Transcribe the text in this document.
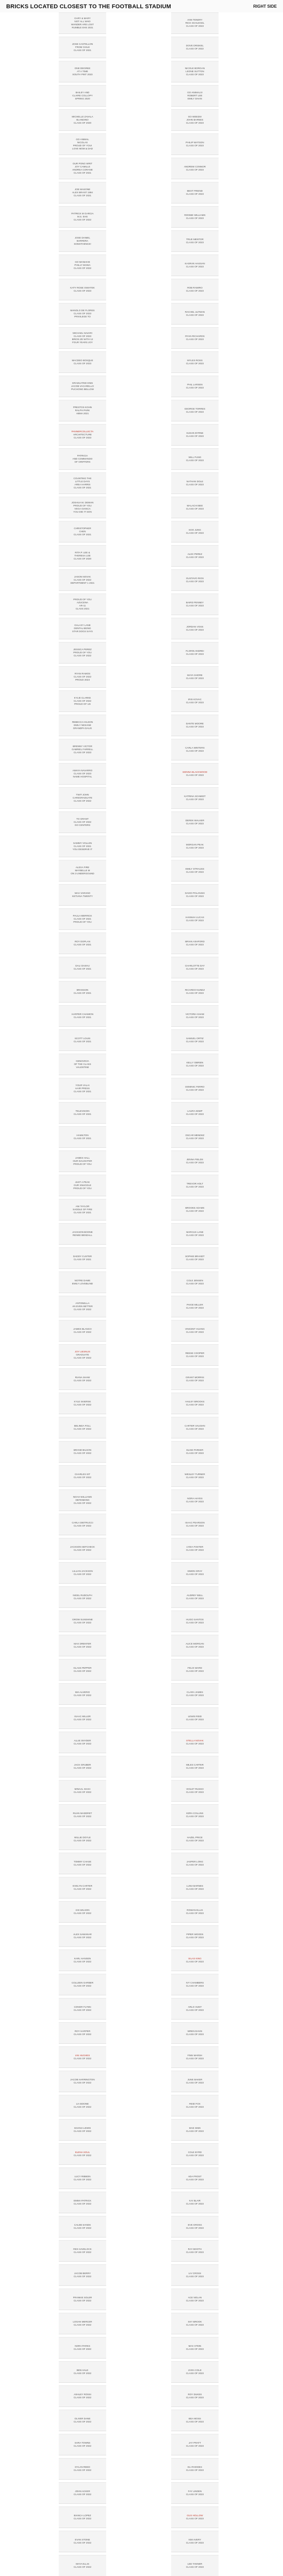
BRICKS LOCATED CLOSEST TO THE FOOTBALL STADIUM	RIGHT SIDE
GARY & MARY
NOT ALL WHO
WANDER ARE LOST
RUMBLE EHS 2021
JOSE CASTELLON
FROM CHILE
CLASS OF 2021
ONE DEGREE
AT A TIME
SOUTH PINT 2023
BAILEY AND
CLAIRE COLLOPY
SPRING 2020
MICHELLE ZAVALA
BLANDINO
CLASS OF 2020
GO ANIMAL
NICOLAS
PROUD OF YOU!
LOVE MOM & DAD
OUR PONG WRIT
JOY CAMILLE
ANDREA CORANE
CLASS OF 2021
JOE MASONE
ALEX BRANT 1994
CLASS OF 2021
PATRICK M GARCIA
M.S. EHS
CLASS OF 2022
JOSE DANIEL
BARRERA
SOMATHENCE!
GO MANIAHE
PHILLY MANIA
CLASS OF 2022
KATY ROSE SWIATEK
CLASS OF 2023
MANOLO DE FLORES
CLASS OF 2023
PRIVILEGE TO
MICHAEL NAVARI
CLASS OF 2023
BRIOS ZE WITH 12
FOUR YEARS JOY
MACDEO BOSQUE
CLASS OF 2023
GRADUATED ENIS
JACOB VACARELLO
PUCHONG BELLOW
PRESTOS KOHN
RALPH PARK
ABMA 2021
PANNERCOLLECTA
ARCHITECTURE
CLASS OF 2023
PATRICIA
AND COMMANDO
OF GRIFFERS
COUNTING THE
LITTLE DAYS
AREA HARRIS
CLASS OF 2021
JOSHUA M. DEWAN
PROUD OF YOU
VEGA GIANCA
YOU DID IT SON
CHRISTOPHER
CHEN
CLASS OF 2021
RITA P. LEE &
THERESA LEE
CLASS OF 2020
JASON NOVAK
CLASS OF 2022
DEPARTMENT 1 2021
PROUD OF YOU
AZUCENA
AR-11
CLASS 2021
GALAXY LANE
DENTAL BEING
STAR DOGS SAYS
JESSICA PEREZ
PROUD OF YOU
CLASS OF 2022
RYAN RAMOS
CLASS OF 2022
PROUD 2023
KYLIE CLARKE
CLASS OF 2022
PROUD OF US
REBECCA HILSON
EMILY NESANE
GRANDPA DAUG
BRENNY VICTOR
GABRIEL FARRELL
CLASS OF 2023
AMAYA NAVARRO
CLASS OF 2023
NAME HOSPITAL
TWIT JOHN
CAREGRADUATE
CLASS OF 2022
TO GRANT
CLASS OF 2022
GO CENTERS
SAMMY VOLLEN
CLASS OF 2021
YOU DESERVE IT
ALEXA FIRE
MAYBELLE M
ON 3 UNDERGOUND
MAX VARANO
KETIANA TWENTY
PAULA MERRICK
CLASS OF 2021
PROUD OF YOU
ROY DOPLAN
CLASS OF 2021
DALI DASHU
CLASS OF 2021
BRANSON
CLASS OF 2021
HARPER CHAIMON
CLASS OF 2021
SCOTT LOUIS
CLASS OF 2021
GENOVEVA
OF THE CLASS
VALENTINE
YOUR VALAI
HAIR PRESS
CLASS OF 2021
TELEVISION
CLASS OF 2021
HAMILTON
CLASS OF 2021
JAMES HALL
OUR DAUGHTER
PROUD OF YOU
JUST A PEAK
OUR SNUGGLE
PROUD OF YOU
ANI TAYLOR
SADDLE OF FIRE
CLASS OF 2021
JACKSON BOONE
RENEE BENDALL
DADDY CUSTER
CLASS OF 2021
NOTRE DAME
EMILY LOVEBLIND
ANTONELLA
AN EVEN BETTER
CLASS OF 2022
JAMES BLANCO
CLASS OF 2022
JOY LIESNUS
GRADUATE
CLASS OF 2022
RIANA SHAW
CLASS OF 2022
KYLE SKIERSK
CLASS OF 2022
BELINDA FOLL
CLASS OF 2022
BRAND BILSON
CLASS OF 2022
CHARLES SIT
CLASS OF 2022
NOAH WILLIAMS
DEFENDING
CLASS OF 2022
CARLA DIETRUCCI
CLASS OF 2022
JACKSON SEFCHECK
CLASS OF 2022
LILLIAN JACKSON
CLASS OF 2022
NIGEL RUDOLPH
CLASS OF 2022
GROW SUNSHINE
CLASS OF 2022
MAX DRENTER
CLASS OF 2022
GLASS PEPPER
CLASS OF 2022
MIA ALVERIO
CLASS OF 2022
ISAAC MILLER
CLASS OF 2022
ALLIE SNYDER
CLASS OF 2022
JACK GRUBER
CLASS OF 2022
MINAAL SHAH
CLASS OF 2022
RUAN MADDRET
CLASS OF 2022
WILLIE DOYLE
CLASS OF 2022
TOMMY CHASE
CLASS OF 2022
EVELYN CARTER
CLASS OF 2022
IAN WILSON
CLASS OF 2022
ALEX SAMANAR
CLASS OF 2022
KARL HANSEN
CLASS OF 2022
COLLEEN GARBER
CLASS OF 2022
CONOR FLYNN
CLASS OF 2022
ROY HARPER
CLASS OF 2022
IAN HUGHES
CLASS OF 2022
JACOB HARRINGTON
CLASS OF 2022
LIA BOONE
CLASS OF 2022
SHANIA LEWIS
CLASS OF 2022
ELENA SOUL
CLASS OF 2022
LUCY RIBBON
CLASS OF 2022
EMMA PATRICK
CLASS OF 2022
CALEB SANDS
CLASS OF 2022
REX HAVELOCK
CLASS OF 2022
JACOB BERRY
CLASS OF 2022
FRANKIE SOLER
CLASS OF 2022
LOGAN MERCER
CLASS OF 2022
NORA PARKS
CLASS OF 2022
BEN HALE
CLASS OF 2022
ASHLEY ROSSI
CLASS OF 2022
OLIVER DANE
CLASS OF 2022
SARA TOWNS
CLASS OF 2022
DYLAN REED
CLASS OF 2022
JOHN ACKER
CLASS OF 2022
BIANCA LOPEZ
CLASS OF 2022
EVAN STONE
CLASS OF 2022
MAYA ELLIS
CLASS OF 2022
ANN TENERY
RICK SCHLEGEL
CLASS OF 2023
DOVE DRISKEL
CLASS OF 2022
NICOLE BORGAN
LEONE SUTTON
CLASS OF 2023
GO ANIMALS!
ROBERT LEE
EMILY DAVIS
GO WEEDS!
JOHN BARNES
CLASS OF 2023
PHILIP WATSON
CLASS OF 2023
ANDREW CONNOR
CLASS OF 2023
BEST FRIEND
CLASS OF 2023
RONNIE WILLIAMS
CLASS OF 2023
TRUE MENTOR
CLASS OF 2023
KASRAN HASSAN
CLASS OF 2023
ROB RAMIRO
CLASS OF 2023
RACHEL ULTMAN
CLASS OF 2023
RYAN RICHARDS
CLASS OF 2023
MYLES ROSS
CLASS OF 2023
PHIL LARSEN
CLASS OF 2023
GEORGE TORRES
CLASS OF 2023
SUSAN BYRNE
CLASS OF 2023
WILL FUNG
CLASS OF 2023
NATHAN DOLE
CLASS OF 2023
MALACHI BEE
CLASS OF 2023
SOO JUNG
CLASS OF 2023
ALEX PEREZ
CLASS OF 2023
GUSTAVO RIOS
CLASS OF 2023
BAIRD PENNEY
CLASS OF 2023
JORDAN VOSS
CLASS OF 2023
FLORIN ANDREI
CLASS OF 2023
MAYA SHORE
CLASS OF 2023
IRIS KOVAC
CLASS OF 2023
DANTE MOORE
CLASS OF 2023
CARLA WINTERS
CLASS OF 2023
SIENNA BLACKWOOD
CLASS OF 2023
KATRINA SCHMIDT
CLASS OF 2023
DEREK WALKER
CLASS OF 2023
MORGAN PEAK
CLASS OF 2023
EMILY STRAUSS
CLASS OF 2023
DAVID POLANSKI
CLASS OF 2023
HANNAH LUCAS
CLASS OF 2023
BRIAN ASHFORD
CLASS OF 2023
CHARLOTTE DAY
CLASS OF 2023
RICARDO NUNEZ
CLASS OF 2023
VICTORIA SHAW
CLASS OF 2023
SAMUEL ORTIZ
CLASS OF 2023
KELLY OBRIEN
CLASS OF 2023
DOMINIC FERRO
CLASS OF 2023
LAURA KEMP
CLASS OF 2023
OSCAR MENDEZ
CLASS OF 2023
JENNA FIELDS
CLASS OF 2023
TREVOR HOLT
CLASS OF 2023
BROOKE ADAMS
CLASS OF 2023
MARCUS LANE
CLASS OF 2023
SOPHIE BRANDT
CLASS OF 2023
COLE JENSEN
CLASS OF 2023
PAIGE MILLER
CLASS OF 2023
VINCENT HUANG
CLASS OF 2023
REESE COOPER
CLASS OF 2023
GRANT MORRIS
CLASS OF 2023
HAILEY BROOKS
CLASS OF 2023
CARTER VAUGHN
CLASS OF 2023
ELISE PARKER
CLASS OF 2023
WESLEY TURNER
CLASS OF 2023
NORA HAYES
CLASS OF 2023
ISAAC PEARSON
CLASS OF 2023
LYDIA FOSTER
CLASS OF 2023
SIMON GRAY
CLASS OF 2023
AUDREY BELL
CLASS OF 2023
HUGO SANTOS
CLASS OF 2023
ALICE MORGAN
CLASS OF 2023
FELIX WARD
CLASS OF 2023
CLARA JAMES
CLASS OF 2023
LEWIS REID
CLASS OF 2023
STELLA NOVAK
CLASS OF 2023
MILES CARTER
CLASS OF 2023
VIOLET RUSSO
CLASS OF 2023
EZRA COLLINS
CLASS OF 2023
HAZEL PRICE
CLASS OF 2023
JASPER LONG
CLASS OF 2023
LUNA BARNES
CLASS OF 2023
ROWAN ELLIS
CLASS OF 2023
PIPER WOODS
CLASS OF 2023
SILAS KING
CLASS OF 2023
IVY CHAMBERS
CLASS OF 2023
ARLO HUNT
CLASS OF 2023
WREN DAVIS
CLASS OF 2023
FINN MARSH
CLASS OF 2023
JUNE BAKER
CLASS OF 2023
REID FOX
CLASS OF 2023
MAE SIMS
CLASS OF 2023
COLE BYRD
CLASS OF 2023
ADA FROST
CLASS OF 2023
KAI BLAIR
CLASS OF 2023
EVE GROSS
CLASS OF 2023
RAY BOOTH
CLASS OF 2023
LIV CROSS
CLASS OF 2023
ACE NOLAN
CLASS OF 2023
SKY BROOK
CLASS OF 2023
MAX STEIN
CLASS OF 2023
ZARA COLE
CLASS OF 2023
ROY DUKES
CLASS OF 2023
BEA MOSS
CLASS OF 2023
JAY PRATT
CLASS OF 2023
ELI RHODES
CLASS OF 2023
FAY LINDEN
CLASS OF 2023
GUS HOLLOW
CLASS OF 2023
KIM AVERY
CLASS OF 2023
LEE TANNER
CLASS OF 2023
